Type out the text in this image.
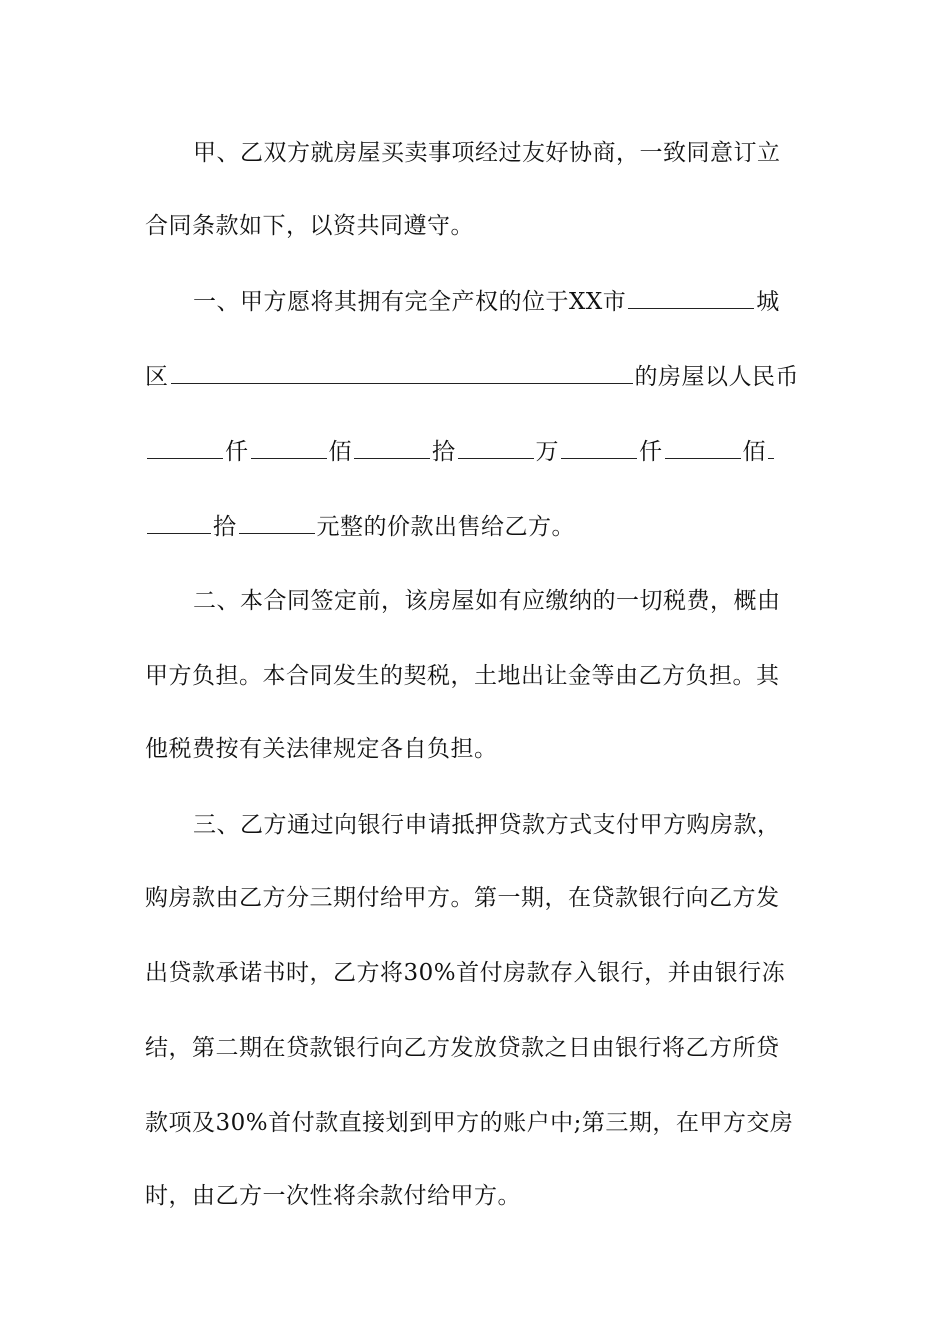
甲、乙双方就房屋买卖事项经过友好协商，一致同意订立
合同条款如下，以资共同遵守。
一、甲方愿将其拥有完全产权的位于XX市	城
区	的房屋以人民币
仟	佰	拾	万	仟	佰
拾	元整的价款出售给乙方。
二、本合同签定前，该房屋如有应缴纳的一切税费，概由
甲方负担。本合同发生的契税，土地出让金等由乙方负担。其
他税费按有关法律规定各自负担。
三、乙方通过向银行申请抵押贷款方式支付甲方购房款，
购房款由乙方分三期付给甲方。第一期，在贷款银行向乙方发
出贷款承诺书时，乙方将30%首付房款存入银行，并由银行冻
结，第二期在贷款银行向乙方发放贷款之日由银行将乙方所贷
款项及30%首付款直接划到甲方的账户中;第三期，在甲方交房
时，由乙方一次性将余款付给甲方。
